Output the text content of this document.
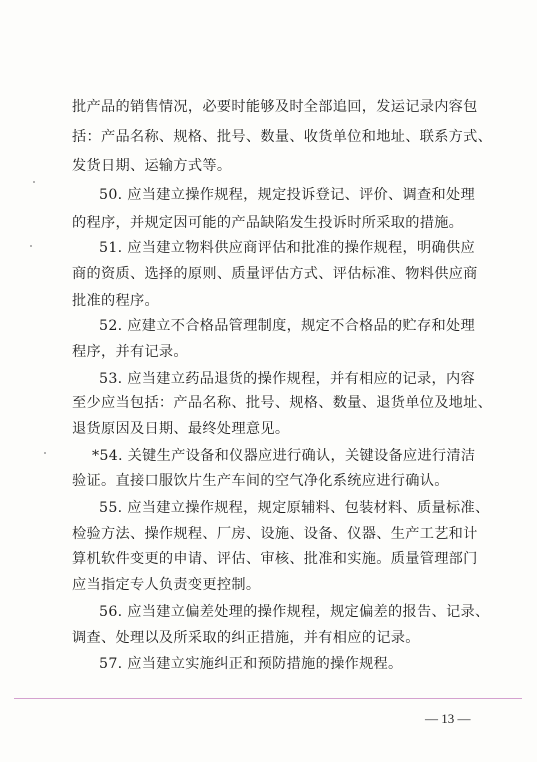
批产品的销售情况，必要时能够及时全部追回，发运记录内容包
括：产品名称、规格、批号、数量、收货单位和地址、联系方式、
发货日期、运输方式等。
50. 应当建立操作规程，规定投诉登记、评价、调查和处理
的程序，并规定因可能的产品缺陷发生投诉时所采取的措施。
51. 应当建立物料供应商评估和批准的操作规程，明确供应
商的资质、选择的原则、质量评估方式、评估标准、物料供应商
批准的程序。
52. 应建立不合格品管理制度，规定不合格品的贮存和处理
程序，并有记录。
53. 应当建立药品退货的操作规程，并有相应的记录，内容
至少应当包括：产品名称、批号、规格、数量、退货单位及地址、
退货原因及日期、最终处理意见。
*54. 关键生产设备和仪器应进行确认，关键设备应进行清洁
验证。直接口服饮片生产车间的空气净化系统应进行确认。
55. 应当建立操作规程，规定原辅料、包装材料、质量标准、
检验方法、操作规程、厂房、设施、设备、仪器、生产工艺和计
算机软件变更的申请、评估、审核、批准和实施。质量管理部门
应当指定专人负责变更控制。
56. 应当建立偏差处理的操作规程，规定偏差的报告、记录、
调查、处理以及所采取的纠正措施，并有相应的记录。
57. 应当建立实施纠正和预防措施的操作规程。
— 13 —
